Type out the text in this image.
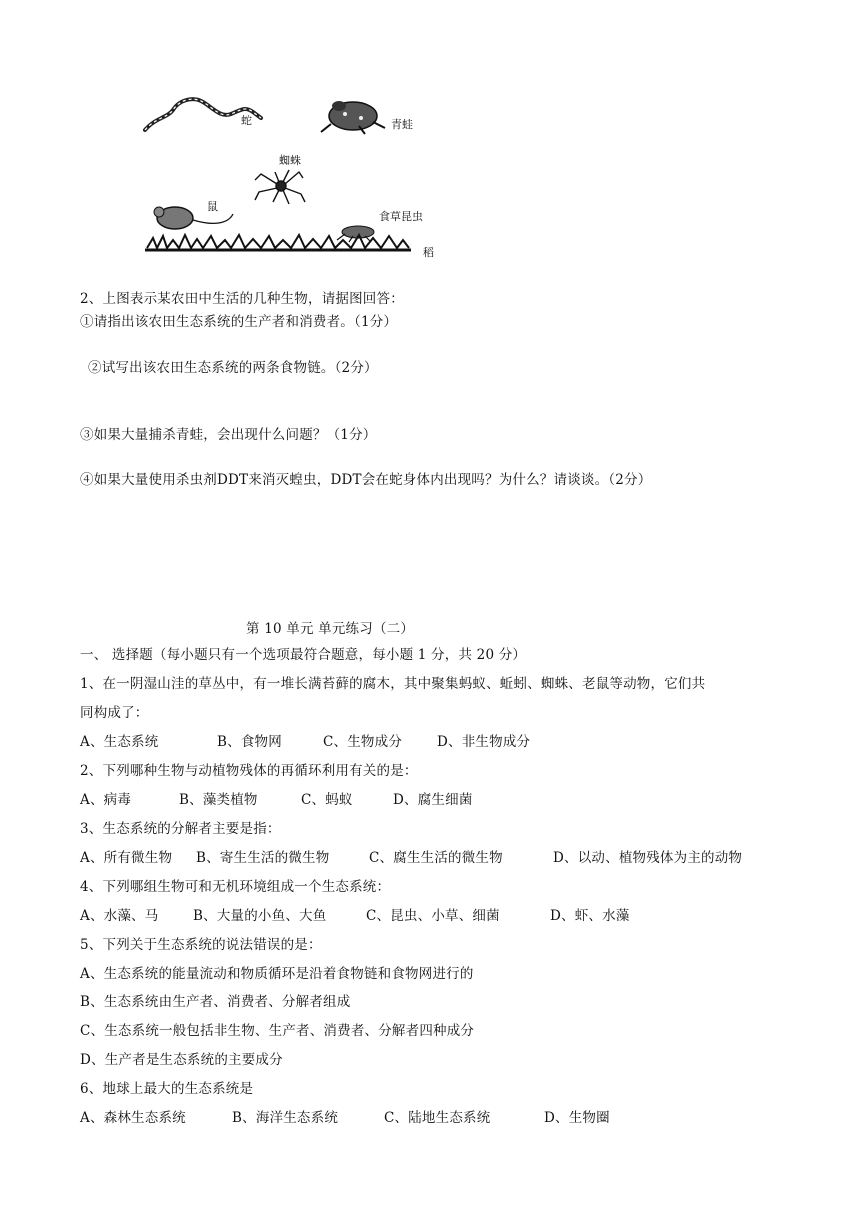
蛇	青蛙
蜘蛛
鼠
食草昆虫
稻
2、上图表示某农田中生活的几种生物，请据图回答：
①请指出该农田生态系统的生产者和消费者。（1分）
②试写出该农田生态系统的两条食物链。（2分）
③如果大量捕杀青蛙，会出现什么问题？（1分）
④如果大量使用杀虫剂DDT来消灭蝗虫，DDT会在蛇身体内出现吗？为什么？请谈谈。（2分）
第 10 单元 单元练习（二）
一、 选择题（每小题只有一个选项最符合题意，每小题 1 分，共 20 分）
1、在一阴湿山洼的草丛中，有一堆长满苔藓的腐木，其中聚集蚂蚁、蚯蚓、蜘蛛、老鼠等动物，它们共
同构成了：
A、生态系统	B、食物网	C、生物成分	D、非生物成分
2、下列哪种生物与动植物残体的再循环利用有关的是：
A、病毒	B、藻类植物	C、蚂蚁	D、腐生细菌
3、生态系统的分解者主要是指：
A、所有微生物 B、寄生生活的微生物	C、腐生生活的微生物	D、以动、植物残体为主的动物
4、下列哪组生物可和无机环境组成一个生态系统：
A、水藻、马	B、大量的小鱼、大鱼	C、昆虫、小草、细菌	D、虾、水藻
5、下列关于生态系统的说法错误的是：
A、生态系统的能量流动和物质循环是沿着食物链和食物网进行的
B、生态系统由生产者、消费者、分解者组成
C、生态系统一般包括非生物、生产者、消费者、分解者四种成分
D、生产者是生态系统的主要成分
6、地球上最大的生态系统是
A、森林生态系统	B、海洋生态系统	C、陆地生态系统	D、生物圈
